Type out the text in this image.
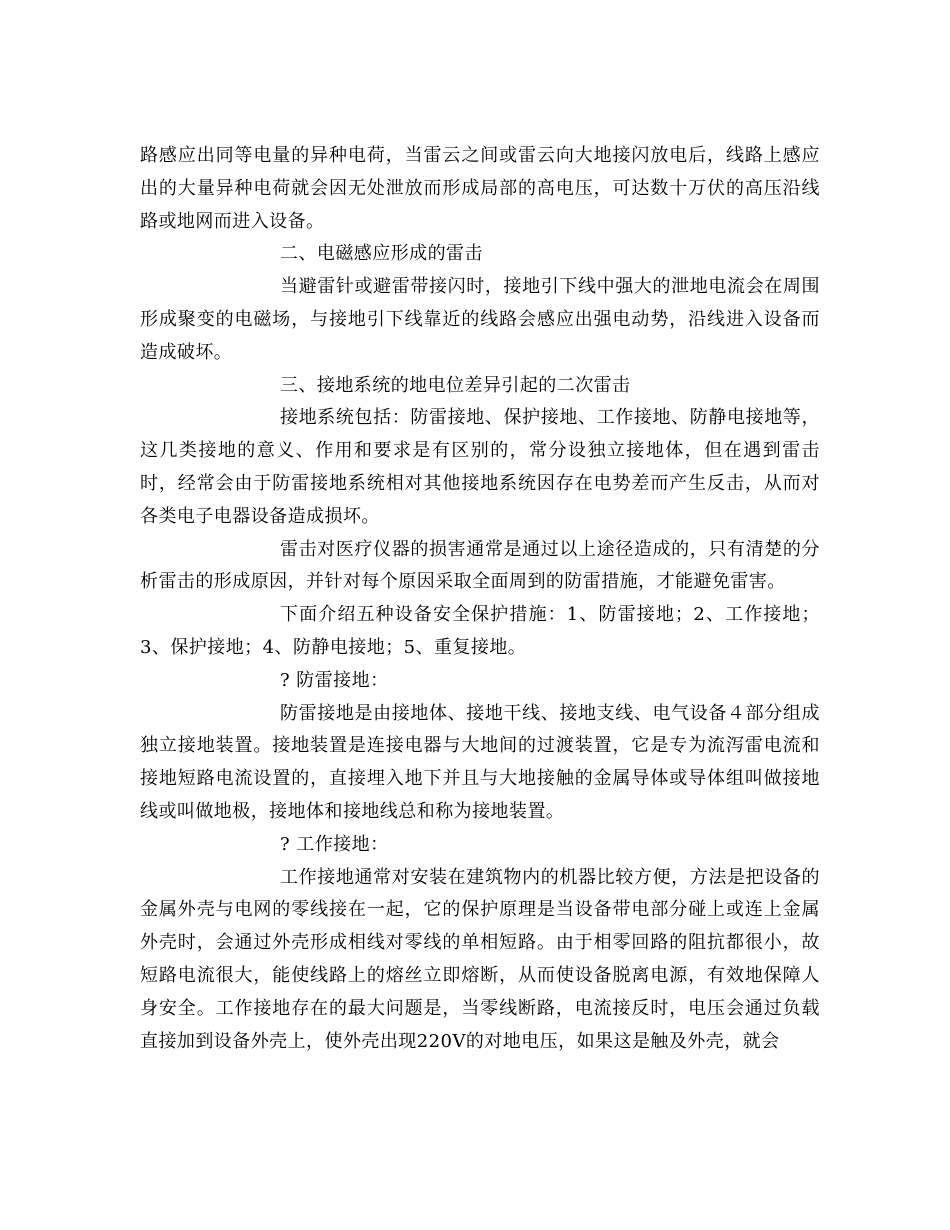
路感应出同等电量的异种电荷，当雷云之间或雷云向大地接闪放电后，线路上感应出的大量异种电荷就会因无处泄放而形成局部的高电压，可达数十万伏的高压沿线路或地网而进入设备。

二、电磁感应形成的雷击

当避雷针或避雷带接闪时，接地引下线中强大的泄地电流会在周围形成聚变的电磁场，与接地引下线靠近的线路会感应出强电动势，沿线进入设备而造成破坏。

三、接地系统的地电位差异引起的二次雷击

接地系统包括：防雷接地、保护接地、工作接地、防静电接地等，这几类接地的意义、作用和要求是有区别的，常分设独立接地体，但在遇到雷击时，经常会由于防雷接地系统相对其他接地系统因存在电势差而产生反击，从而对各类电子电器设备造成损坏。

雷击对医疗仪器的损害通常是通过以上途径造成的，只有清楚的分析雷击的形成原因，并针对每个原因采取全面周到的防雷措施，才能避免雷害。

下面介绍五种设备安全保护措施：1、防雷接地；2、工作接地；3、保护接地；4、防静电接地；5、重复接地。

? 防雷接地：

防雷接地是由接地体、接地干线、接地支线、电气设备４部分组成独立接地装置。接地装置是连接电器与大地间的过渡装置，它是专为流泻雷电流和接地短路电流设置的，直接埋入地下并且与大地接触的金属导体或导体组叫做接地线或叫做地极，接地体和接地线总和称为接地装置。

? 工作接地：

工作接地通常对安装在建筑物内的机器比较方便，方法是把设备的金属外壳与电网的零线接在一起，它的保护原理是当设备带电部分碰上或连上金属外壳时，会通过外壳形成相线对零线的单相短路。由于相零回路的阻抗都很小，故短路电流很大，能使线路上的熔丝立即熔断，从而使设备脱离电源，有效地保障人身安全。工作接地存在的最大问题是，当零线断路，电流接反时，电压会通过负载直接加到设备外壳上，使外壳出现220V的对地电压，如果这是触及外壳，就会
